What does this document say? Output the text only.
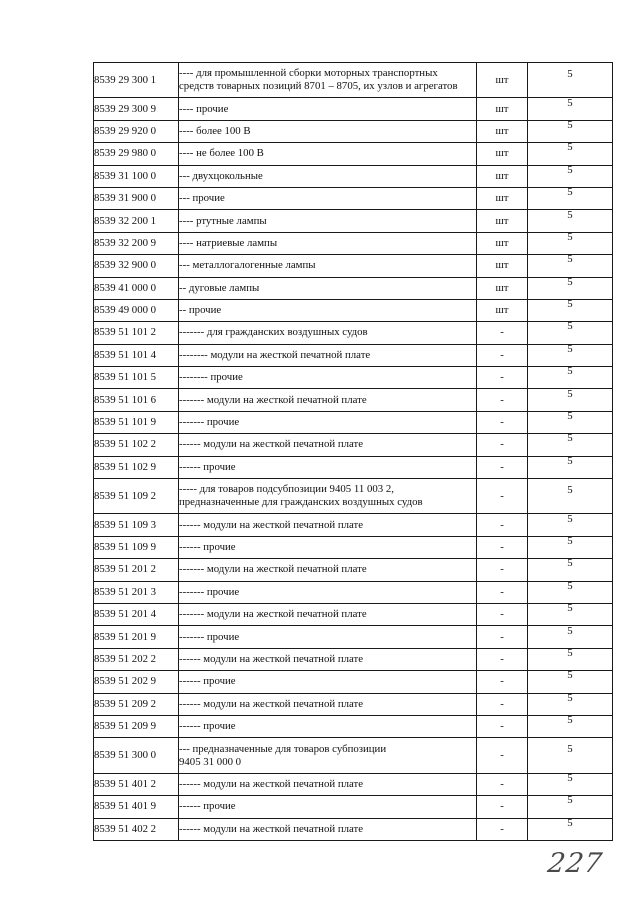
8539 29 300 1	---- для промышленной сборки моторных транспортных
средств товарных позиций 8701 – 8705, их узлов и агрегатов	шт	5
8539 29 300 9	---- прочие	шт	5
8539 29 920 0	---- более 100 В	шт	5
8539 29 980 0	---- не более 100 В	шт	5
8539 31 100 0	--- двухцокольные	шт	5
8539 31 900 0	--- прочие	шт	5
8539 32 200 1	---- ртутные лампы	шт	5
8539 32 200 9	---- натриевые лампы	шт	5
8539 32 900 0	--- металлогалогенные лампы	шт	5
8539 41 000 0	-- дуговые лампы	шт	5
8539 49 000 0	-- прочие	шт	5
8539 51 101 2	------- для гражданских воздушных судов	-	5
8539 51 101 4	-------- модули на жесткой печатной плате	-	5
8539 51 101 5	-------- прочие	-	5
8539 51 101 6	------- модули на жесткой печатной плате	-	5
8539 51 101 9	------- прочие	-	5
8539 51 102 2	------ модули на жесткой печатной плате	-	5
8539 51 102 9	------ прочие	-	5
8539 51 109 2	----- для товаров подсубпозиции 9405 11 003 2,
предназначенные для гражданских воздушных судов	-	5
8539 51 109 3	------ модули на жесткой печатной плате	-	5
8539 51 109 9	------ прочие	-	5
8539 51 201 2	------- модули на жесткой печатной плате	-	5
8539 51 201 3	------- прочие	-	5
8539 51 201 4	------- модули на жесткой печатной плате	-	5
8539 51 201 9	------- прочие	-	5
8539 51 202 2	------ модули на жесткой печатной плате	-	5
8539 51 202 9	------ прочие	-	5
8539 51 209 2	------ модули на жесткой печатной плате	-	5
8539 51 209 9	------ прочие	-	5
8539 51 300 0	--- предназначенные для товаров субпозиции
9405 31 000 0	-	5
8539 51 401 2	------ модули на жесткой печатной плате	-	5
8539 51 401 9	------ прочие	-	5
8539 51 402 2	------ модули на жесткой печатной плате	-	5
227
